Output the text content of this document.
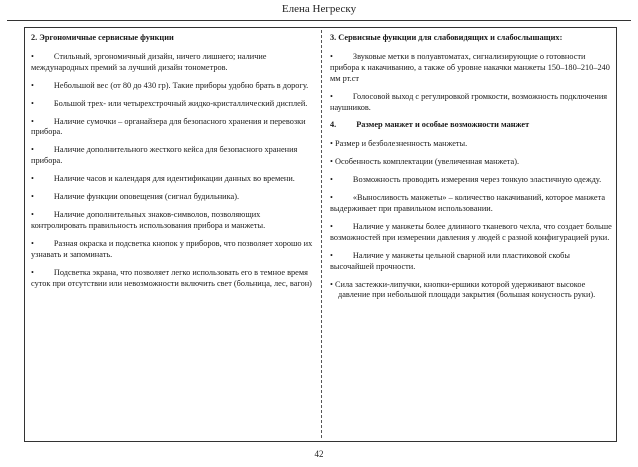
Елена Негреску
2. Эргономичные сервисные функции
• Стильный, эргономичный дизайн, ничего лишнего; наличие международных премий за лучший дизайн тонометров.
• Небольшой вес (от 80 до 430 гр). Такие приборы удобно брать в дорогу.
• Большой трех- или четырехстрочный жидко-кристаллический дисплей.
• Наличие сумочки – органайзера для безопасного хранения и перевозки прибора.
• Наличие дополнительного жесткого кейса для безопасного хранения прибора.
• Наличие часов и календаря для идентификации данных во времени.
• Наличие функции оповещения (сигнал будильника).
• Наличие дополнительных знаков-символов, позволяющих контролировать правильность использования прибора и манжеты.
• Разная окраска и подсветка кнопок у приборов, что позволяет хорошо их узнавать и запоминать.
• Подсветка экрана, что позволяет легко использовать его в темное время суток при отсутствии или невозможности включить свет (больница, лес, вагон)
3. Сервисные функции для слабовидящих и слабослышащих:
• Звуковые метки в полуавтоматах, сигнализирующие о готовности прибора к накачиванию, а также об уровне накачки манжеты 150–180–210–240 мм рт.ст
• Голосовой выход с регулировкой громкости, возможность подключения наушников.
4. Размер манжет и особые возможности манжет
• Размер и безболезненность манжеты.
• Особенность комплектации (увеличенная манжета).
• Возможность проводить измерения через тонкую эластичную одежду.
• «Выносливость манжеты» – количество накачиваний, которое манжета выдерживает при правильном использовании.
• Наличие у манжеты более длинного тканевого чехла, что создает больше возможностей при измерении давления у людей с разной конфигурацией руки.
• Наличие у манжеты цельной сварной или пластиковой скобы высочайшей прочности.
• Сила застежки-липучки, кнопки-ершики которой удерживают высокое давление при небольшой площади закрытия (большая конусность руки).
42
